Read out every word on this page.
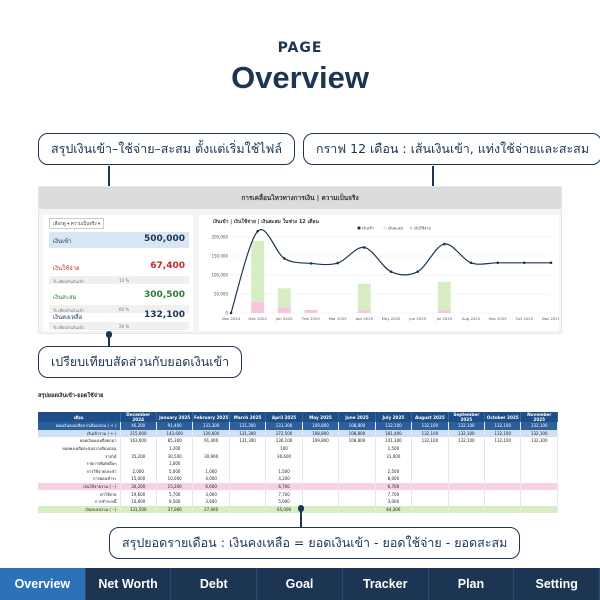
PAGE
Overview
สรุปเงินเข้า–ใช้จ่าย–สะสม ตั้งแต่เริ่มใช้ไฟล์	กราฟ 12 เดือน : เส้นเงินเข้า, แท่งใช้จ่ายและสะสม
การเคลื่อนไหวทางการเงิน | ความเป็นจริง
เลือกดู ▾ ความเป็นจริง ▾
เงินเข้า	500,000
เงินใช้จ่าย	67,400
% เทียบกับเงินเข้า	13 %
เงินสะสม	300,500
% เทียบกับเงินเข้า	60 %
เงินคงเหลือ	132,100
% เทียบกับเงินเข้า	26 %
เงินเข้า | เงินใช้จ่าย | เงินสะสม ในช่วง 12 เดือน
0
50,000
100,000
150,000
200,000
Nov 2024 Dec 2024 Jan 2025	Feb 2025 Mar 2025 Apr 2025 May 2025 Jun 2025	Jul 2025	Aug 2025 Sep 2025 Oct 2025 Nov 2025
เงินเข้า	เงินสะสม	เงินใช้จ่าย
เปรียบเทียบสัดส่วนกับยอดเงินเข้า
สรุปยอดเงินเข้า-ยอดใช้จ่าย
เดือน	December 2024	January 2025	February 2025	March 2025	April 2025	May 2025	June 2025	July 2025	August 2025	September 2025	October 2025	November 2025
ยอดเงินคงเหลือจากเดือนก่อน ( + )	46,200	91,400	131,300	131,300	131,300	109,800	108,800	132,100	132,100	132,100	132,100	132,100
เงินเข้ารวม ( + )	215,000	143,600	130,600	131,300	172,500	108,800	108,800	181,400	132,100	132,100	132,100	132,100
ยอดเงินคงเหลือยกมา	163,000	85,300	91,400	131,300	136,100	109,800	108,800	141,300	132,100	132,100	132,100	132,100
ยอดคงเหลือสะสมจากเดือนก่อน		1,200			100			1,500				
รายได้	35,200	30,500	30,900		30,600			31,000				
รายการพิเศษอื่นๆ		1,000										
การใช้จ่ายประจำ	2,000	5,000	1,000		1,500			2,500				
การผ่อนชำระ	15,000	10,000	4,000		4,200			8,000				
เงินใช้จ่ายรวม ( - )	30,200	15,200	6,600		6,700			6,700				
ค่าใช้จ่าย	19,600	5,700	3,000		7,700			7,700				
การชำระหนี้	10,600	9,500	3,600		5,000			3,000				
เงินสะสมรวม ( - )	131,500	37,000	27,000		65,000			64,300				
สรุปยอดรายเดือน : เงินคงเหลือ = ยอดเงินเข้า - ยอดใช้จ่าย - ยอดสะสม
Overview	Net Worth	Debt	Goal	Tracker	Plan	Setting
